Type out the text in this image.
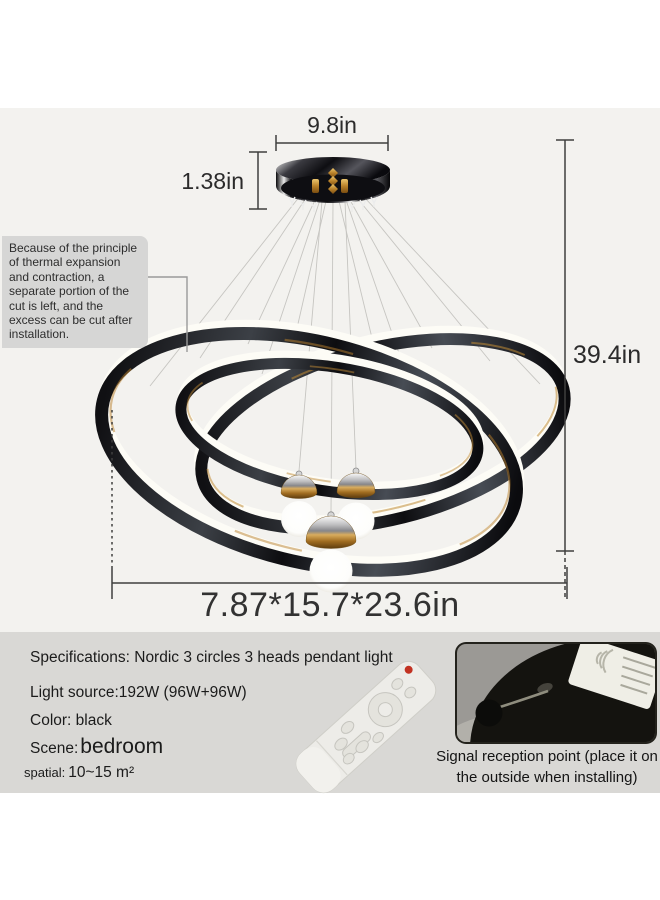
9.8in
1.38in
39.4in
7.87*15.7*23.6in
Because of the principle of thermal expansion and contraction, a separate portion of the cut is left, and the excess can be cut after installation.
Specifications: Nordic 3 circles 3 heads pendant light
Light source: 192W (96W+96W)
Color: black
Scene: bedroom
spatial: 10~15 m²
Signal reception point (place it on the outside when installing)
